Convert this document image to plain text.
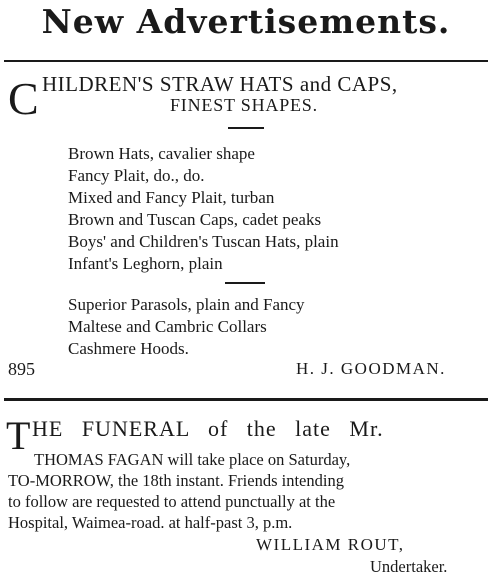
New Advertisements.
C HILDREN'S STRAW HATS and CAPS,
FINEST SHAPES.
Brown Hats, cavalier shape
Fancy Plait, do., do.
Mixed and Fancy Plait, turban
Brown and Tuscan Caps, cadet peaks
Boys' and Children's Tuscan Hats, plain
Infant's Leghorn, plain
Superior Parasols, plain and Fancy
Maltese and Cambric Collars
Cashmere Hoods.
895	H. J. GOODMAN.
T HE FUNERAL of the late Mr.
THOMAS FAGAN will take place on Saturday,
TO-MORROW, the 18th instant. Friends intending
to follow are requested to attend punctually at the
Hospital, Waimea-road. at half-past 3, p.m.
WILLIAM ROUT,
Undertaker.
